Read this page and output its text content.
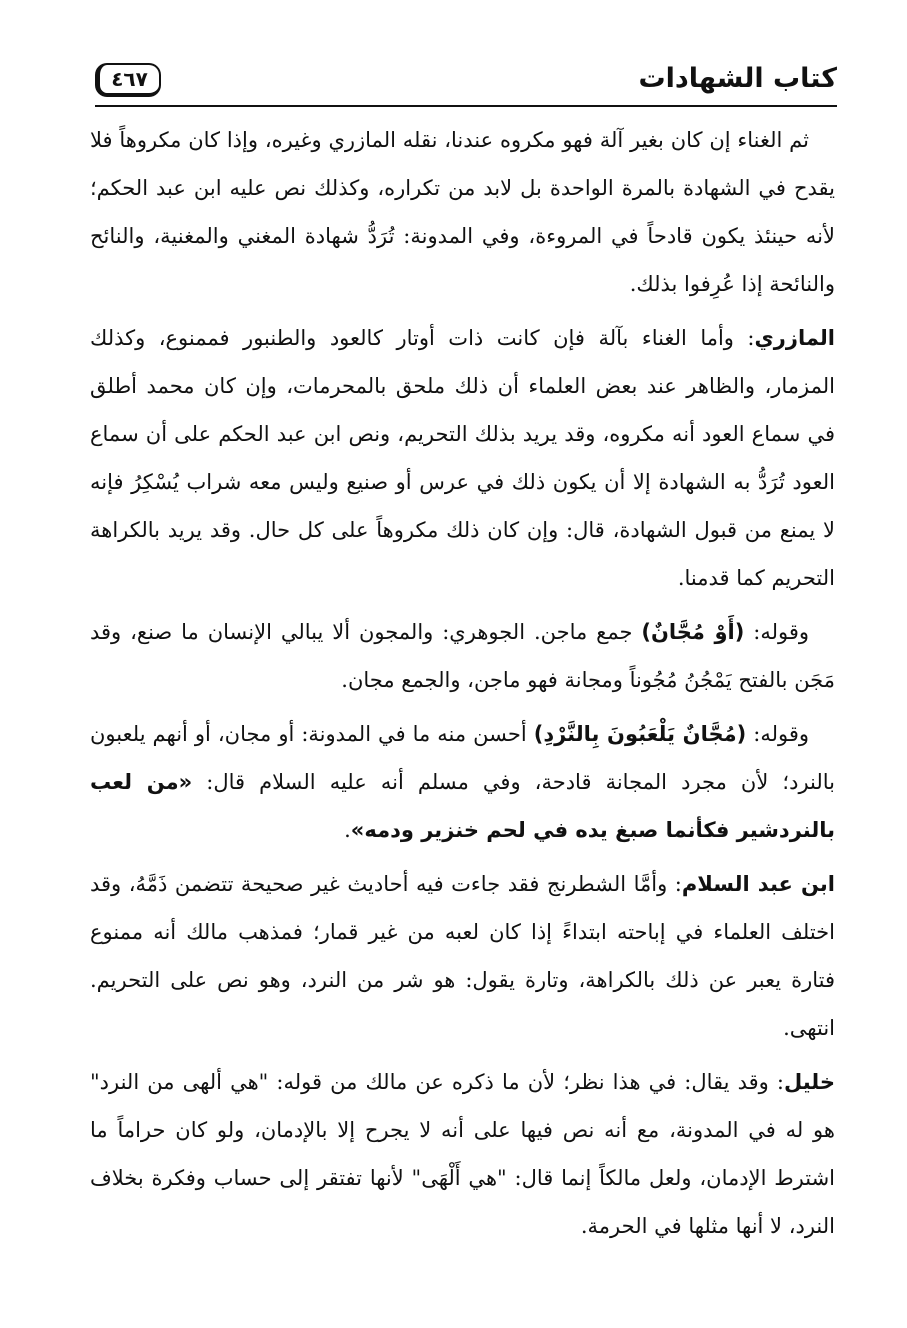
كتاب الشهادات
٤٦٧

ثم الغناء إن كان بغير آلة فهو مكروه عندنا، نقله المازري وغيره، وإذا كان مكروهاً فلا يقدح في الشهادة بالمرة الواحدة بل لابد من تكراره، وكذلك نص عليه ابن عبد الحكم؛ لأنه حينئذ يكون قادحاً في المروءة، وفي المدونة: تُرَدُّ شهادة المغني والمغنية، والنائح والنائحة إذا عُرِفوا بذلك.

المازري: وأما الغناء بآلة فإن كانت ذات أوتار كالعود والطنبور فممنوع، وكذلك المزمار، والظاهر عند بعض العلماء أن ذلك ملحق بالمحرمات، وإن كان محمد أطلق في سماع العود أنه مكروه، وقد يريد بذلك التحريم، ونص ابن عبد الحكم على أن سماع العود تُرَدُّ به الشهادة إلا أن يكون ذلك في عرس أو صنيع وليس معه شراب يُسْكِرُ فإنه لا يمنع من قبول الشهادة، قال: وإن كان ذلك مكروهاً على كل حال. وقد يريد بالكراهة التحريم كما قدمنا.

وقوله: (أَوْ مُجَّانٌ) جمع ماجن. الجوهري: والمجون ألا يبالي الإنسان ما صنع، وقد مَجَن بالفتح يَمْجُنُ مُجُوناً ومجانة فهو ماجن، والجمع مجان.

وقوله: (مُجَّانٌ يَلْعَبُونَ بِالنَّرْدِ) أحسن منه ما في المدونة: أو مجان، أو أنهم يلعبون بالنرد؛ لأن مجرد المجانة قادحة، وفي مسلم أنه عليه السلام قال: «من لعب بالنردشير فكأنما صبغ يده في لحم خنزير ودمه».

ابن عبد السلام: وأمَّا الشطرنج فقد جاءت فيه أحاديث غير صحيحة تتضمن ذَمَّهُ، وقد اختلف العلماء في إباحته ابتداءً إذا كان لعبه من غير قمار؛ فمذهب مالك أنه ممنوع فتارة يعبر عن ذلك بالكراهة، وتارة يقول: هو شر من النرد، وهو نص على التحريم. انتهى.

خليل: وقد يقال: في هذا نظر؛ لأن ما ذكره عن مالك من قوله: "هي ألهى من النرد" هو له في المدونة، مع أنه نص فيها على أنه لا يجرح إلا بالإدمان، ولو كان حراماً ما اشترط الإدمان، ولعل مالكاً إنما قال: "هي أَلْهَى" لأنها تفتقر إلى حساب وفكرة بخلاف النرد، لا أنها مثلها في الحرمة.
